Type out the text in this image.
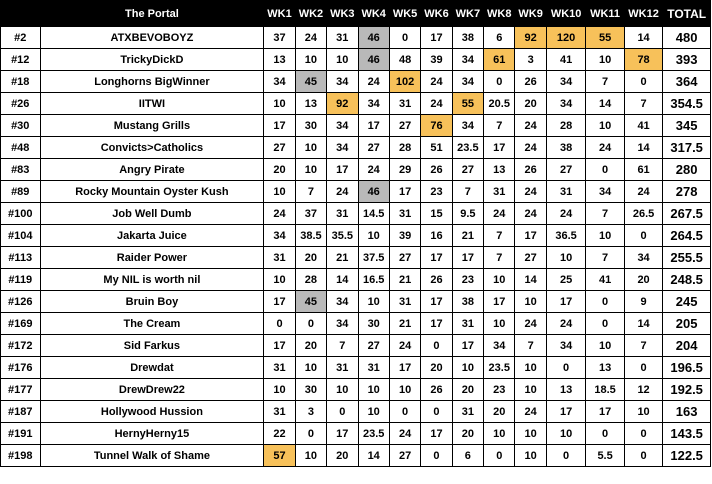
	The Portal	WK1	WK2	WK3	WK4	WK5	WK6	WK7	WK8	WK9	WK10	WK11	WK12	TOTAL
#2	ATXBEVOBOYZ	37	24	31	46	0	17	38	6	92	120	55	14	480
#12	TrickyDickD	13	10	10	46	48	39	34	61	3	41	10	78	393
#18	Longhorns BigWinner	34	45	34	24	102	24	34	0	26	34	7	0	364
#26	IITWI	10	13	92	34	31	24	55	20.5	20	34	14	7	354.5
#30	Mustang Grills	17	30	34	17	27	76	34	7	24	28	10	41	345
#48	Convicts>Catholics	27	10	34	27	28	51	23.5	17	24	38	24	14	317.5
#83	Angry Pirate	20	10	17	24	29	26	27	13	26	27	0	61	280
#89	Rocky Mountain Oyster Kush	10	7	24	46	17	23	7	31	24	31	34	24	278
#100	Job Well Dumb	24	37	31	14.5	31	15	9.5	24	24	24	7	26.5	267.5
#104	Jakarta Juice	34	38.5	35.5	10	39	16	21	7	17	36.5	10	0	264.5
#113	Raider Power	31	20	21	37.5	27	17	17	7	27	10	7	34	255.5
#119	My NIL is worth nil	10	28	14	16.5	21	26	23	10	14	25	41	20	248.5
#126	Bruin Boy	17	45	34	10	31	17	38	17	10	17	0	9	245
#169	The Cream	0	0	34	30	21	17	31	10	24	24	0	14	205
#172	Sid Farkus	17	20	7	27	24	0	17	34	7	34	10	7	204
#176	Drewdat	31	10	31	31	17	20	10	23.5	10	0	13	0	196.5
#177	DrewDrew22	10	30	10	10	10	26	20	23	10	13	18.5	12	192.5
#187	Hollywood Hussion	31	3	0	10	0	0	31	20	24	17	17	10	163
#191	HernyHerny15	22	0	17	23.5	24	17	20	10	10	10	0	0	143.5
#198	Tunnel Walk of Shame	57	10	20	14	27	0	6	0	10	0	5.5	0	122.5
